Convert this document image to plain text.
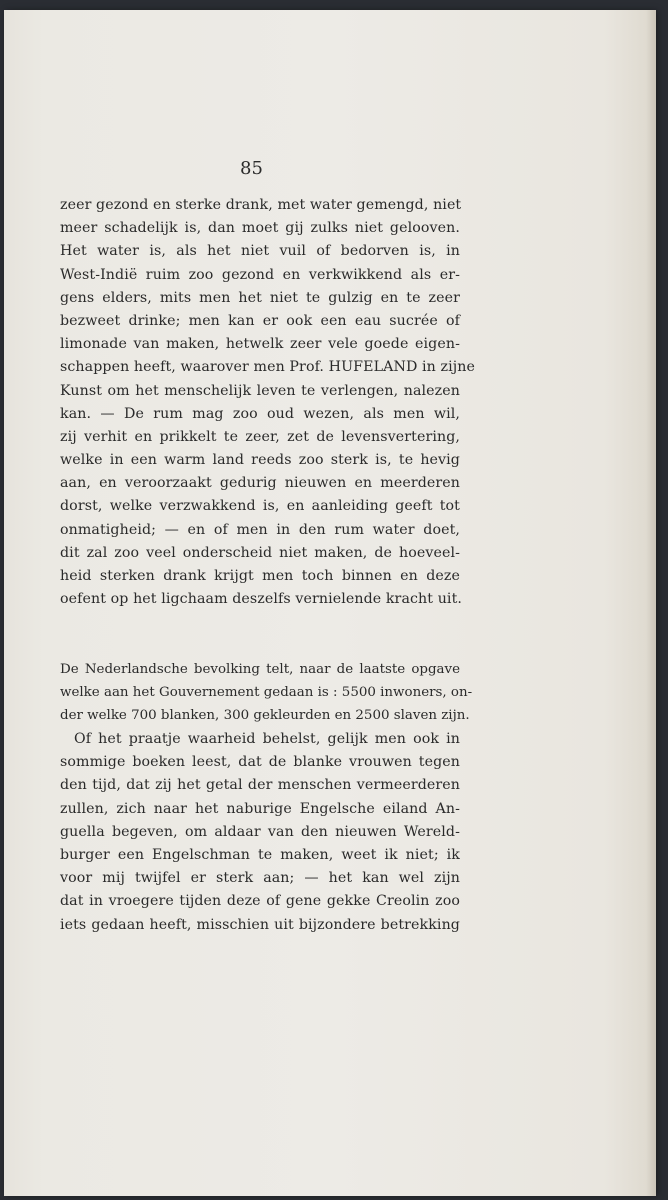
85
zeer gezond en sterke drank, met water gemengd, niet
meer schadelijk is, dan moet gij zulks niet gelooven.
Het water is, als het niet vuil of bedorven is, in
West-Indië ruim zoo gezond en verkwikkend als er-
gens elders, mits men het niet te gulzig en te zeer
bezweet drinke; men kan er ook een eau sucrée of
limonade van maken, hetwelk zeer vele goede eigen-
schappen heeft, waarover men Prof. HUFELAND in zijne
Kunst om het menschelijk leven te verlengen, nalezen
kan. — De rum mag zoo oud wezen, als men wil,
zij verhit en prikkelt te zeer, zet de levensvertering,
welke in een warm land reeds zoo sterk is, te hevig
aan, en veroorzaakt gedurig nieuwen en meerderen
dorst, welke verzwakkend is, en aanleiding geeft tot
onmatigheid; — en of men in den rum water doet,
dit zal zoo veel onderscheid niet maken, de hoeveel-
heid sterken drank krijgt men toch binnen en deze
oefent op het ligchaam deszelfs vernielende kracht uit.
De Nederlandsche bevolking telt, naar de laatste opgave
welke aan het Gouvernement gedaan is : 5500 inwoners, on-
der welke 700 blanken, 300 gekleurden en 2500 slaven zijn.
Of het praatje waarheid behelst, gelijk men ook in
sommige boeken leest, dat de blanke vrouwen tegen
den tijd, dat zij het getal der menschen vermeerderen
zullen, zich naar het naburige Engelsche eiland An-
guella begeven, om aldaar van den nieuwen Wereld-
burger een Engelschman te maken, weet ik niet; ik
voor mij twijfel er sterk aan; — het kan wel zijn
dat in vroegere tijden deze of gene gekke Creolin zoo
iets gedaan heeft, misschien uit bijzondere betrekking
